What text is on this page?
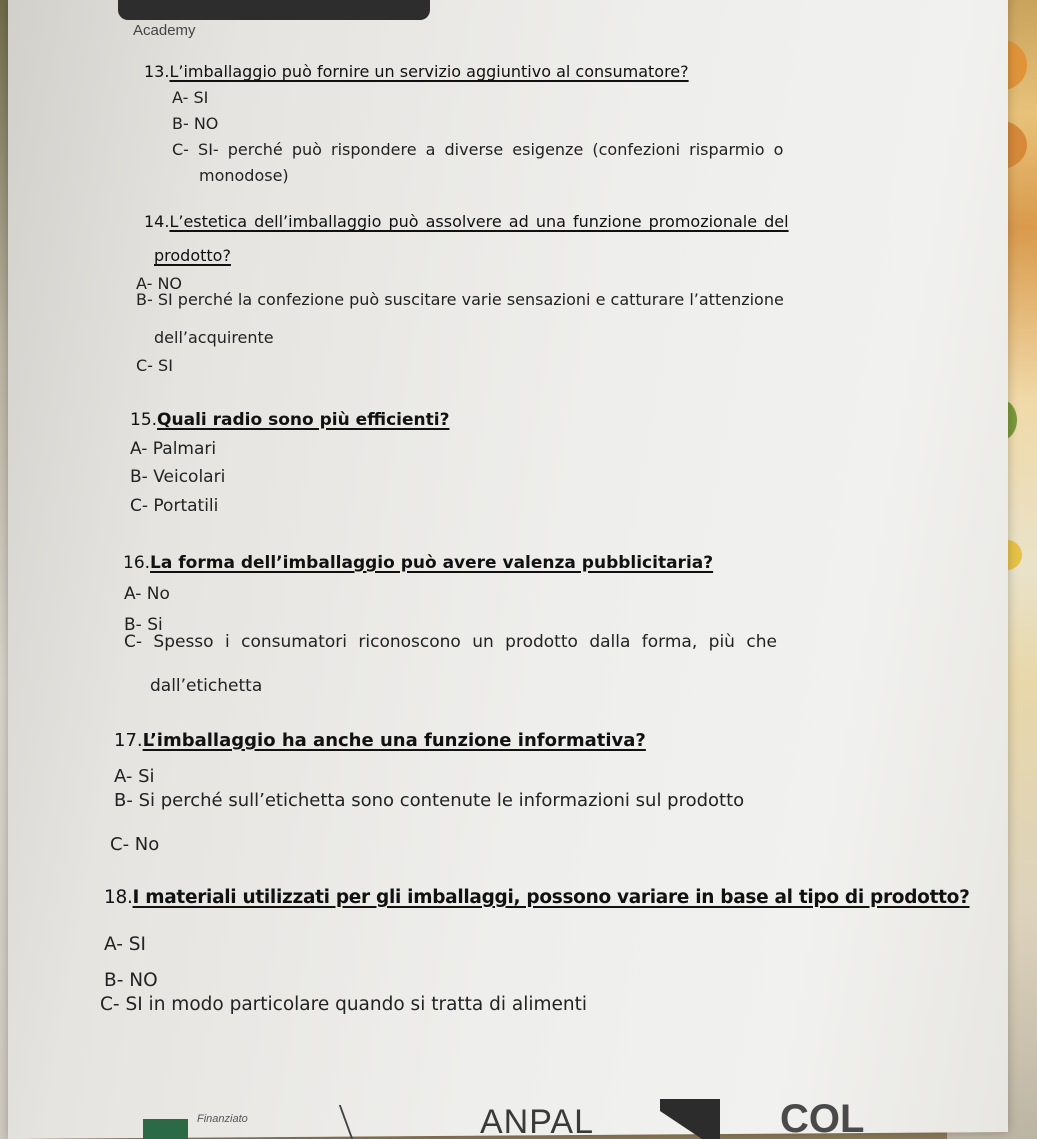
Academy
13.L’imballaggio può fornire un servizio aggiuntivo al consumatore?
A- SI
B- NO
C- SI- perché può rispondere a diverse esigenze (confezioni risparmio o
monodose)
14.L’estetica dell’imballaggio può assolvere ad una funzione promozionale del
prodotto?
A- NO
B- SI perché la confezione può suscitare varie sensazioni e catturare l’attenzione
dell’acquirente
C- SI
15.Quali radio sono più efficienti?
A- Palmari
B- Veicolari
C- Portatili
16.La forma dell’imballaggio può avere valenza pubblicitaria?
A- No
B- Si
C- Spesso i consumatori riconoscono un prodotto dalla forma, più che
dall’etichetta
17.L’imballaggio ha anche una funzione informativa?
A- Si
B- Si perché sull’etichetta sono contenute le informazioni sul prodotto
C- No
18.I materiali utilizzati per gli imballaggi, possono variare in base al tipo di prodotto?
A- SI
B- NO
C- SI in modo particolare quando si tratta di alimenti
Finanziato	ANPAL	COL
